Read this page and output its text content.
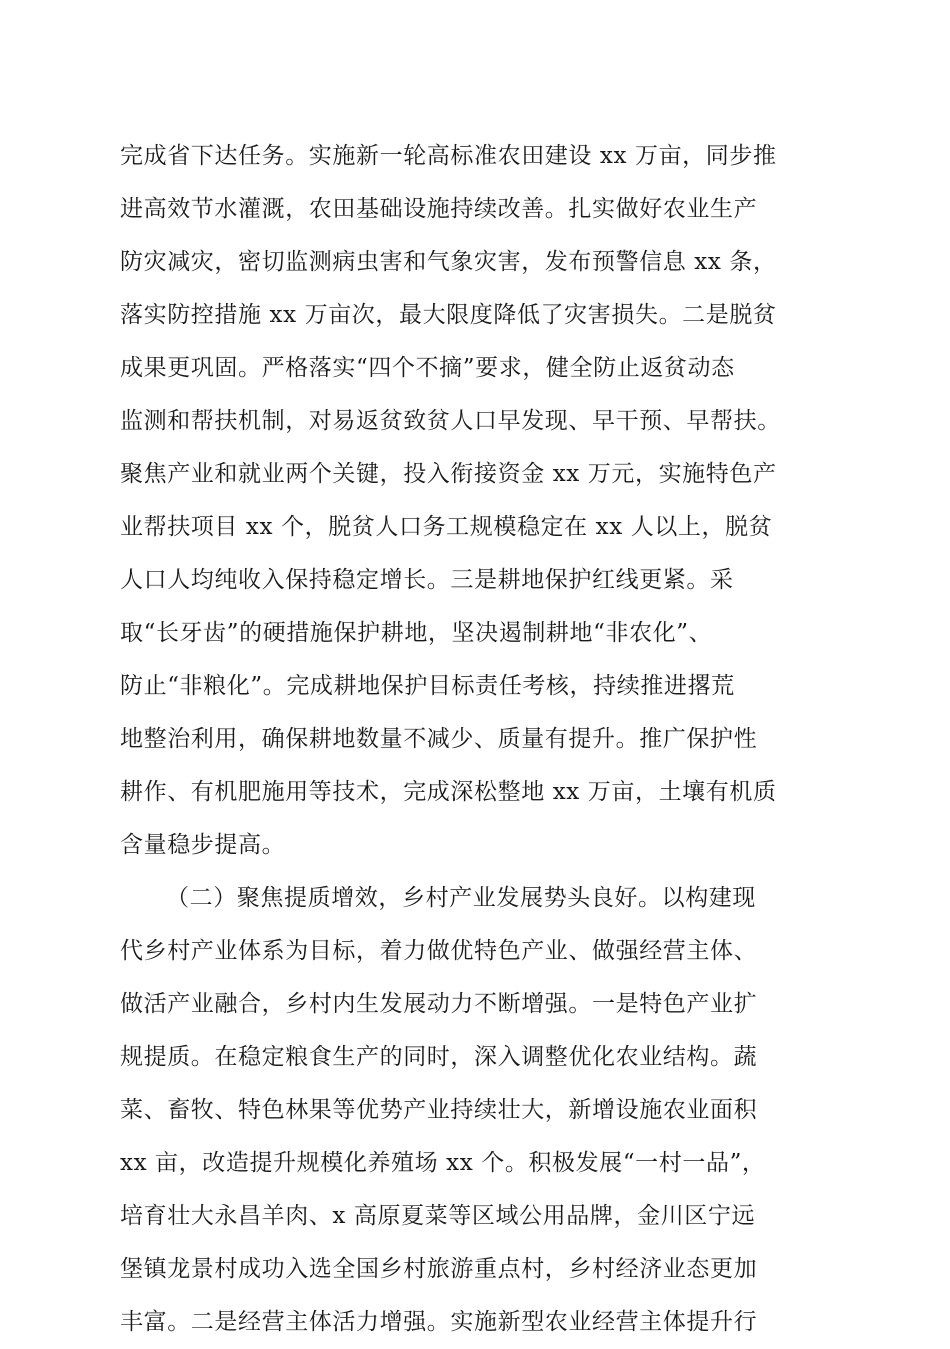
完成省下达任务。实施新一轮高标准农田建设 xx 万亩，同步推
进高效节水灌溉，农田基础设施持续改善。扎实做好农业生产
防灾减灾，密切监测病虫害和气象灾害，发布预警信息 xx 条，
落实防控措施 xx 万亩次，最大限度降低了灾害损失。二是脱贫
成果更巩固。严格落实“四个不摘”要求，健全防止返贫动态
监测和帮扶机制，对易返贫致贫人口早发现、早干预、早帮扶。
聚焦产业和就业两个关键，投入衔接资金 xx 万元，实施特色产
业帮扶项目 xx 个，脱贫人口务工规模稳定在 xx 人以上，脱贫
人口人均纯收入保持稳定增长。三是耕地保护红线更紧。采
取“长牙齿”的硬措施保护耕地，坚决遏制耕地“非农化”、
防止“非粮化”。完成耕地保护目标责任考核，持续推进撂荒
地整治利用，确保耕地数量不减少、质量有提升。推广保护性
耕作、有机肥施用等技术，完成深松整地 xx 万亩，土壤有机质
含量稳步提高。
（二）聚焦提质增效，乡村产业发展势头良好。以构建现
代乡村产业体系为目标，着力做优特色产业、做强经营主体、
做活产业融合，乡村内生发展动力不断增强。一是特色产业扩
规提质。在稳定粮食生产的同时，深入调整优化农业结构。蔬
菜、畜牧、特色林果等优势产业持续壮大，新增设施农业面积
xx 亩，改造提升规模化养殖场 xx 个。积极发展“一村一品”，
培育壮大永昌羊肉、x 高原夏菜等区域公用品牌，金川区宁远
堡镇龙景村成功入选全国乡村旅游重点村，乡村经济业态更加
丰富。二是经营主体活力增强。实施新型农业经营主体提升行
